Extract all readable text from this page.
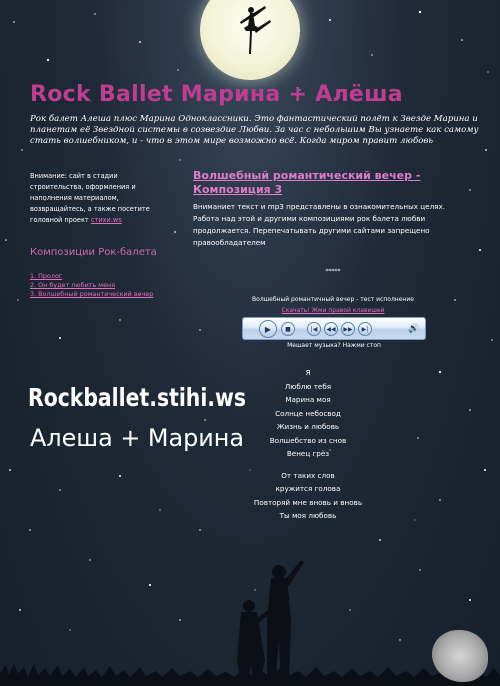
Rock Ballet Марина + Алёша
Рок балет Алеша плюс Марина Одноклассники. Это фантастический полёт к Звезде Марина и планетам её Звездной системы в созвездие Любви. За час с небольшим Вы узнаете как самому стать волшебником, и - что в этом мире возможно всё. Когда миром правит любовь
Внимание: сайт в стадии строительства, оформления и наполнения материалом, возвращайтесь, а также посетите головной проект стихи.ws
Композиции Рок-балета
1. Пролог
2. Он будет любить меня
3. Волшебный романтический вечер
Rockballet.stihi.ws
Алеша + Марина
Волшебный романтический вечер - Композиция 3
Вниманиет текст и mp3 представлены в ознакомительных целях. Работа над этой и другими композициями рок балета любви продолжается. Перепечатывать другими сайтами запрещено правообладателем
*****
Волшебный романтичный вечер - тест исполнение
Скачать! Жми правой клавишей
▶	■	|◀	◀◀	▶▶	▶|	🔊
Мешает музыка? Нажми стоп
Я
Люблю тебя
Марина моя
Солнце небосвод
Жизнь и любовь
Волшебство из снов
Венец грёз
От таких слов
кружится голова
Повторяй мне вновь и вновь
Ты моя любовь
